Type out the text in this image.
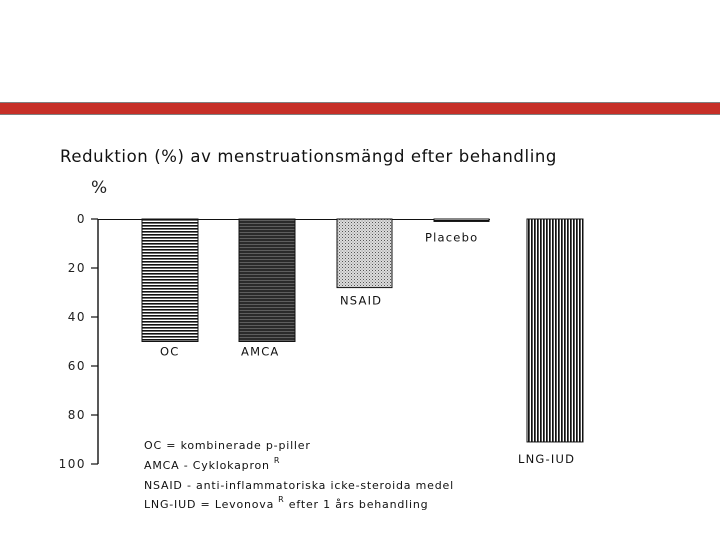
Reduktion (%) av menstruationsmängd efter behandling
%
0
20
40
60
80
100
OC	AMCA
NSAID
Placebo
LNG-IUD
OC = kombinerade p-piller
AMCA - Cyklokapron $^R$
NSAID - anti-inflammatoriska icke-steroida medel
LNG-IUD = Levonova $^R$ efter 1 års behandling
